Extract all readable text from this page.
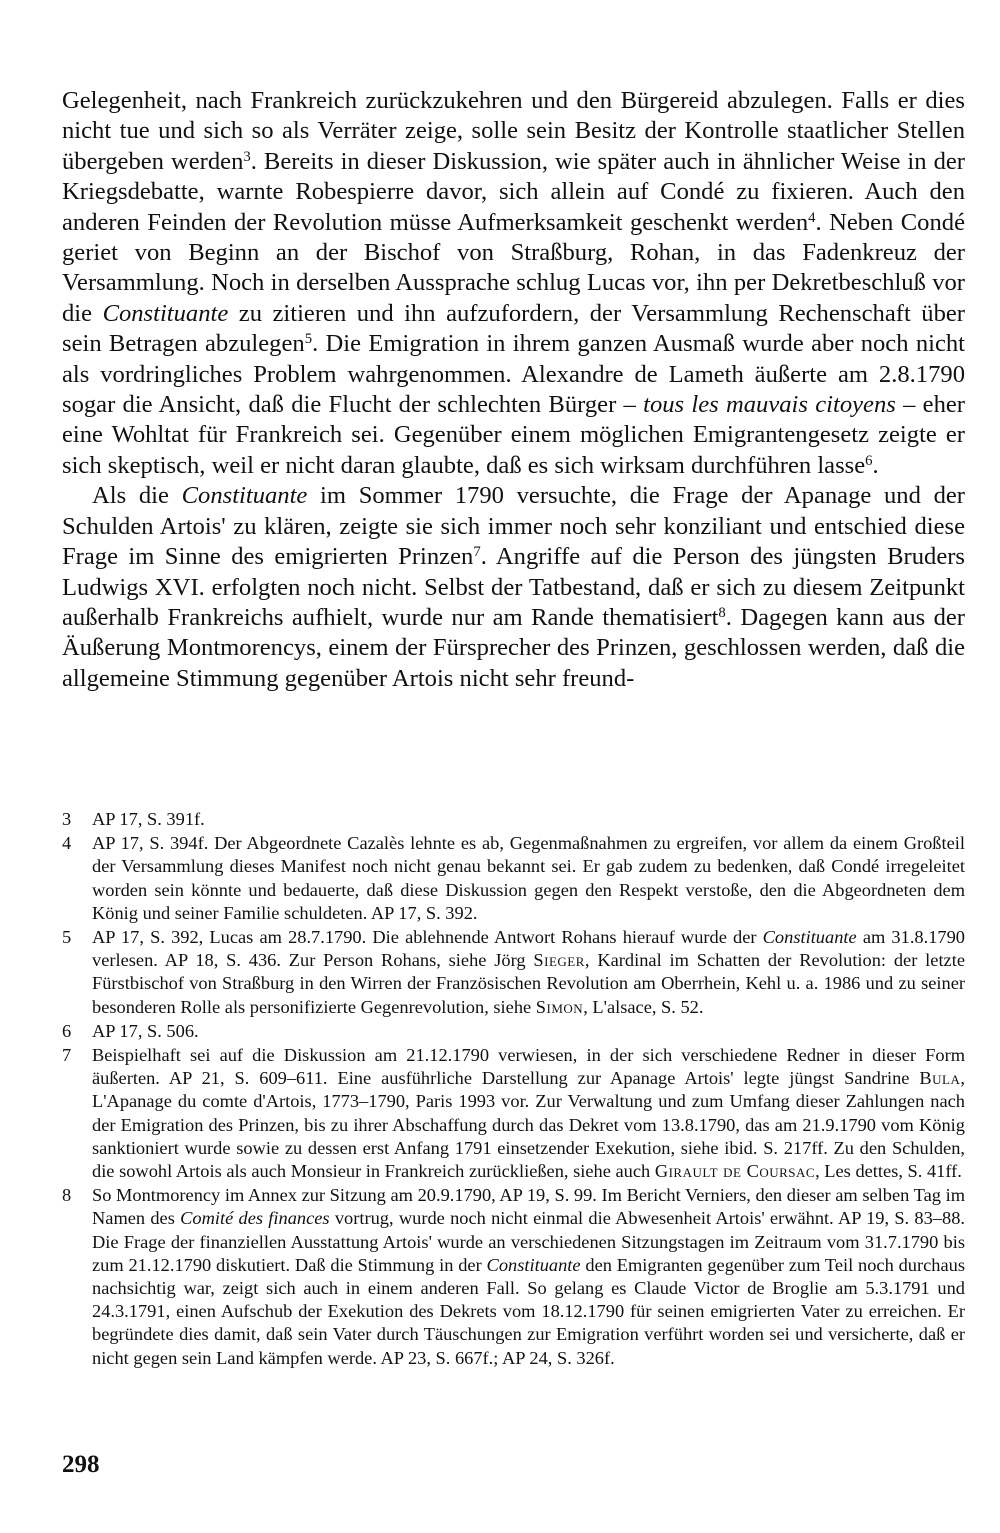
Gelegenheit, nach Frankreich zurückzukehren und den Bürgereid abzulegen. Falls er dies nicht tue und sich so als Verräter zeige, solle sein Besitz der Kontrolle staatlicher Stellen übergeben werden$^3$. Bereits in dieser Diskussion, wie später auch in ähnlicher Weise in der Kriegsdebatte, warnte Robespierre davor, sich allein auf Condé zu fixieren. Auch den anderen Feinden der Revolution müsse Aufmerksamkeit geschenkt werden$^4$. Neben Condé geriet von Beginn an der Bischof von Straßburg, Rohan, in das Fadenkreuz der Versammlung. Noch in derselben Aussprache schlug Lucas vor, ihn per Dekretbeschluß vor die Constituante zu zitieren und ihn aufzufordern, der Versammlung Rechenschaft über sein Betragen abzulegen$^5$. Die Emigration in ihrem ganzen Ausmaß wurde aber noch nicht als vordringliches Problem wahrgenommen. Alexandre de Lameth äußerte am 2.8.1790 sogar die Ansicht, daß die Flucht der schlechten Bürger – tous les mauvais citoyens – eher eine Wohltat für Frankreich sei. Gegenüber einem möglichen Emigrantengesetz zeigte er sich skeptisch, weil er nicht daran glaubte, daß es sich wirksam durchführen lasse$^6$.

Als die Constituante im Sommer 1790 versuchte, die Frage der Apanage und der Schulden Artois' zu klären, zeigte sie sich immer noch sehr konziliant und entschied diese Frage im Sinne des emigrierten Prinzen$^7$. Angriffe auf die Person des jüngsten Bruders Ludwigs XVI. erfolgten noch nicht. Selbst der Tatbestand, daß er sich zu diesem Zeitpunkt außerhalb Frankreichs aufhielt, wurde nur am Rande thematisiert$^8$. Dagegen kann aus der Äußerung Montmorencys, einem der Fürsprecher des Prinzen, geschlossen werden, daß die allgemeine Stimmung gegenüber Artois nicht sehr freund-

3	AP 17, S. 391f.

4	AP 17, S. 394f. Der Abgeordnete Cazalès lehnte es ab, Gegenmaßnahmen zu ergreifen, vor allem da einem Großteil der Versammlung dieses Manifest noch nicht genau bekannt sei. Er gab zudem zu bedenken, daß Condé irregeleitet worden sein könnte und bedauerte, daß diese Diskussion gegen den Respekt verstoße, den die Abgeordneten dem König und seiner Familie schuldeten. AP 17, S. 392.

5	AP 17, S. 392, Lucas am 28.7.1790. Die ablehnende Antwort Rohans hierauf wurde der Constituante am 31.8.1790 verlesen. AP 18, S. 436. Zur Person Rohans, siehe Jörg Sieger, Kardinal im Schatten der Revolution: der letzte Fürstbischof von Straßburg in den Wirren der Französischen Revolution am Oberrhein, Kehl u. a. 1986 und zu seiner besonderen Rolle als personifizierte Gegenrevolution, siehe Simon, L'alsace, S. 52.

6	AP 17, S. 506.

7	Beispielhaft sei auf die Diskussion am 21.12.1790 verwiesen, in der sich verschiedene Redner in dieser Form äußerten. AP 21, S. 609–611. Eine ausführliche Darstellung zur Apanage Artois' legte jüngst Sandrine Bula, L'Apanage du comte d'Artois, 1773–1790, Paris 1993 vor. Zur Verwaltung und zum Umfang dieser Zahlungen nach der Emigration des Prinzen, bis zu ihrer Abschaffung durch das Dekret vom 13.8.1790, das am 21.9.1790 vom König sanktioniert wurde sowie zu dessen erst Anfang 1791 einsetzender Exekution, siehe ibid. S. 217ff. Zu den Schulden, die sowohl Artois als auch Monsieur in Frankreich zurückließen, siehe auch Girault de Coursac, Les dettes, S. 41ff.

8	So Montmorency im Annex zur Sitzung am 20.9.1790, AP 19, S. 99. Im Bericht Verniers, den dieser am selben Tag im Namen des Comité des finances vortrug, wurde noch nicht einmal die Abwesenheit Artois' erwähnt. AP 19, S. 83–88. Die Frage der finanziellen Ausstattung Artois' wurde an verschiedenen Sitzungstagen im Zeitraum vom 31.7.1790 bis zum 21.12.1790 diskutiert. Daß die Stimmung in der Constituante den Emigranten gegenüber zum Teil noch durchaus nachsichtig war, zeigt sich auch in einem anderen Fall. So gelang es Claude Victor de Broglie am 5.3.1791 und 24.3.1791, einen Aufschub der Exekution des Dekrets vom 18.12.1790 für seinen emigrierten Vater zu erreichen. Er begründete dies damit, daß sein Vater durch Täuschungen zur Emigration verführt worden sei und versicherte, daß er nicht gegen sein Land kämpfen werde. AP 23, S. 667f.; AP 24, S. 326f.

298
